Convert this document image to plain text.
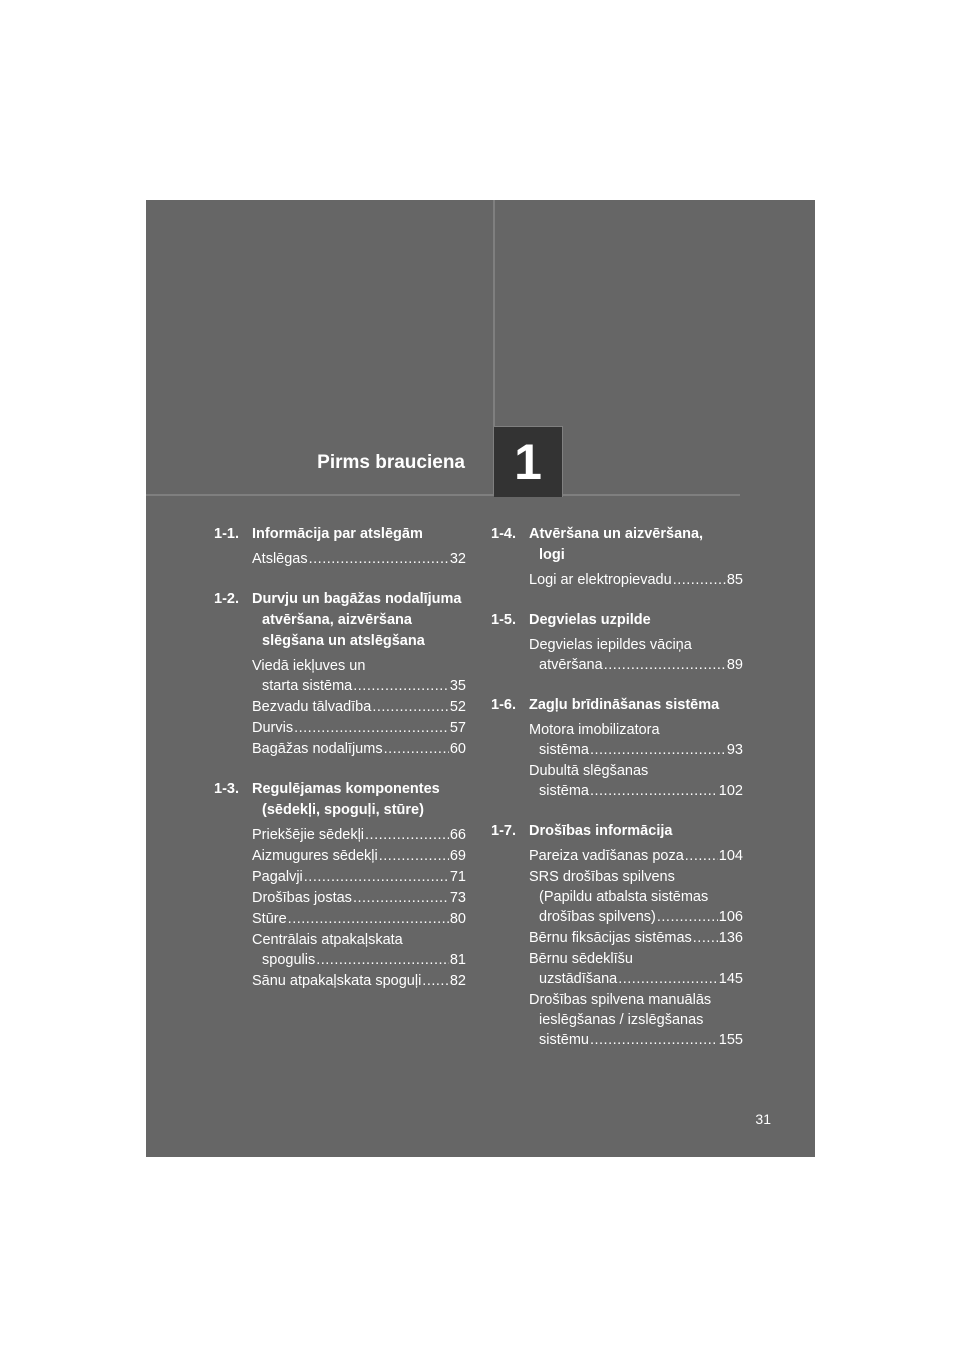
Pirms brauciena 1
1-1. Informācija par atslēgām
Atslēgas .....	32
1-2. Durvju un bagāžas nodalījuma
atvēršana, aizvēršana
slēgšana un atslēgšana
Viedā iekļuves un
starta sistēma .....	35
Bezvadu tālvadība .....	52
Durvis .....	57
Bagāžas nodalījums .....	60
1-3. Regulējamas komponentes
(sēdekļi, spoguļi, stūre)
Priekšējie sēdekļi .....	66
Aizmugures sēdekļi .....	69
Pagalvji .....	71
Drošības jostas .....	73
Stūre .....	80
Centrālais atpakaļskata
spogulis .....	81
Sānu atpakaļskata spoguļi ..... 82
1-4. Atvēršana un aizvēršana,
logi
Logi ar elektropievadu .....	85
1-5. Degvielas uzpilde
Degvielas iepildes vāciņa
atvēršana .....	89
1-6. Zagļu brīdināšanas sistēma
Motora imobilizatora
sistēma .....	93
Dubultā slēgšanas
sistēma .....	102
1-7. Drošības informācija
Pareiza vadīšanas poza ..... 104
SRS drošības spilvens
(Papildu atbalsta sistēmas
drošības spilvens) .....	106
Bērnu fiksācijas sistēmas ..... 136
Bērnu sēdeklīšu
uzstādīšana .....	145
Drošības spilvena manuālās
ieslēgšanas / izslēgšanas
sistēmu .....	155
31
